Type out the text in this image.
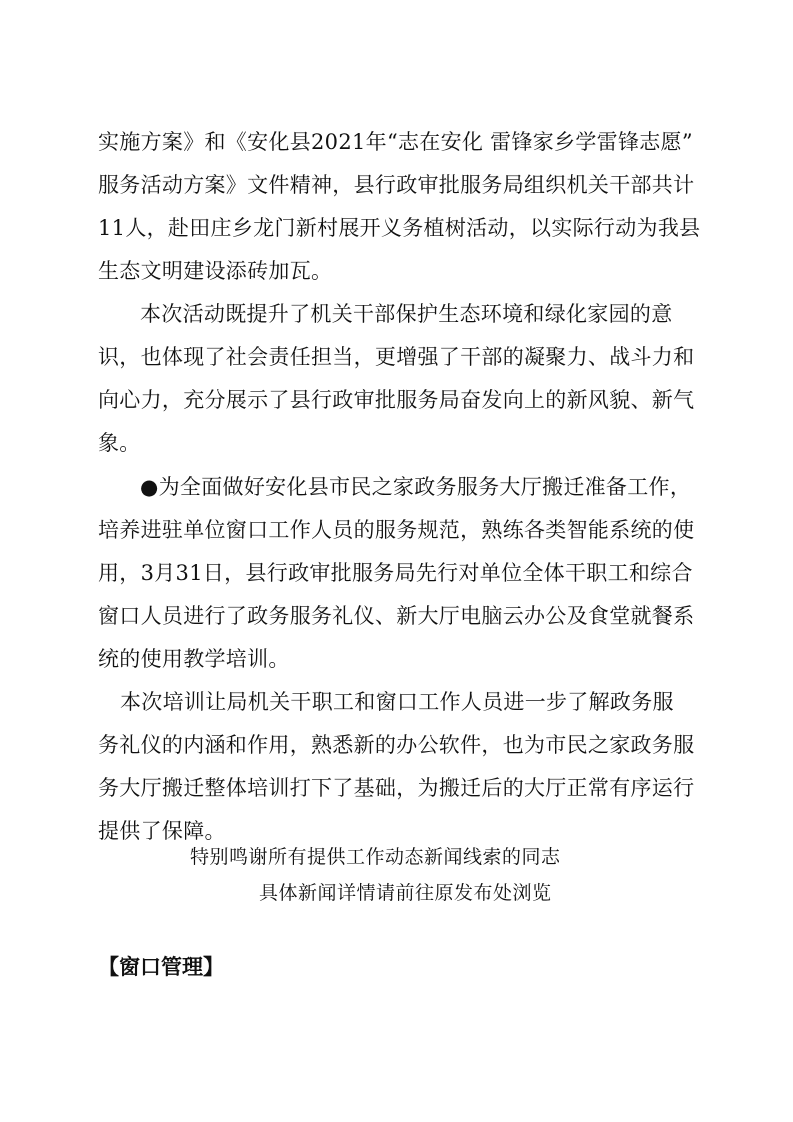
实施方案》和《安化县2021年“志在安化 雷锋家乡学雷锋志愿”

服务活动方案》文件精神，县行政审批服务局组织机关干部共计

11人，赴田庄乡龙门新村展开义务植树活动，以实际行动为我县

生态文明建设添砖加瓦。

本次活动既提升了机关干部保护生态环境和绿化家园的意

识，也体现了社会责任担当，更增强了干部的凝聚力、战斗力和

向心力，充分展示了县行政审批服务局奋发向上的新风貌、新气

象。

●为全面做好安化县市民之家政务服务大厅搬迁准备工作，

培养进驻单位窗口工作人员的服务规范，熟练各类智能系统的使

用，3月31日，县行政审批服务局先行对单位全体干职工和综合

窗口人员进行了政务服务礼仪、新大厅电脑云办公及食堂就餐系

统的使用教学培训。

本次培训让局机关干职工和窗口工作人员进一步了解政务服

务礼仪的内涵和作用，熟悉新的办公软件，也为市民之家政务服

务大厅搬迁整体培训打下了基础，为搬迁后的大厅正常有序运行

提供了保障。

特别鸣谢所有提供工作动态新闻线索的同志

具体新闻详情请前往原发布处浏览

【窗口管理】
